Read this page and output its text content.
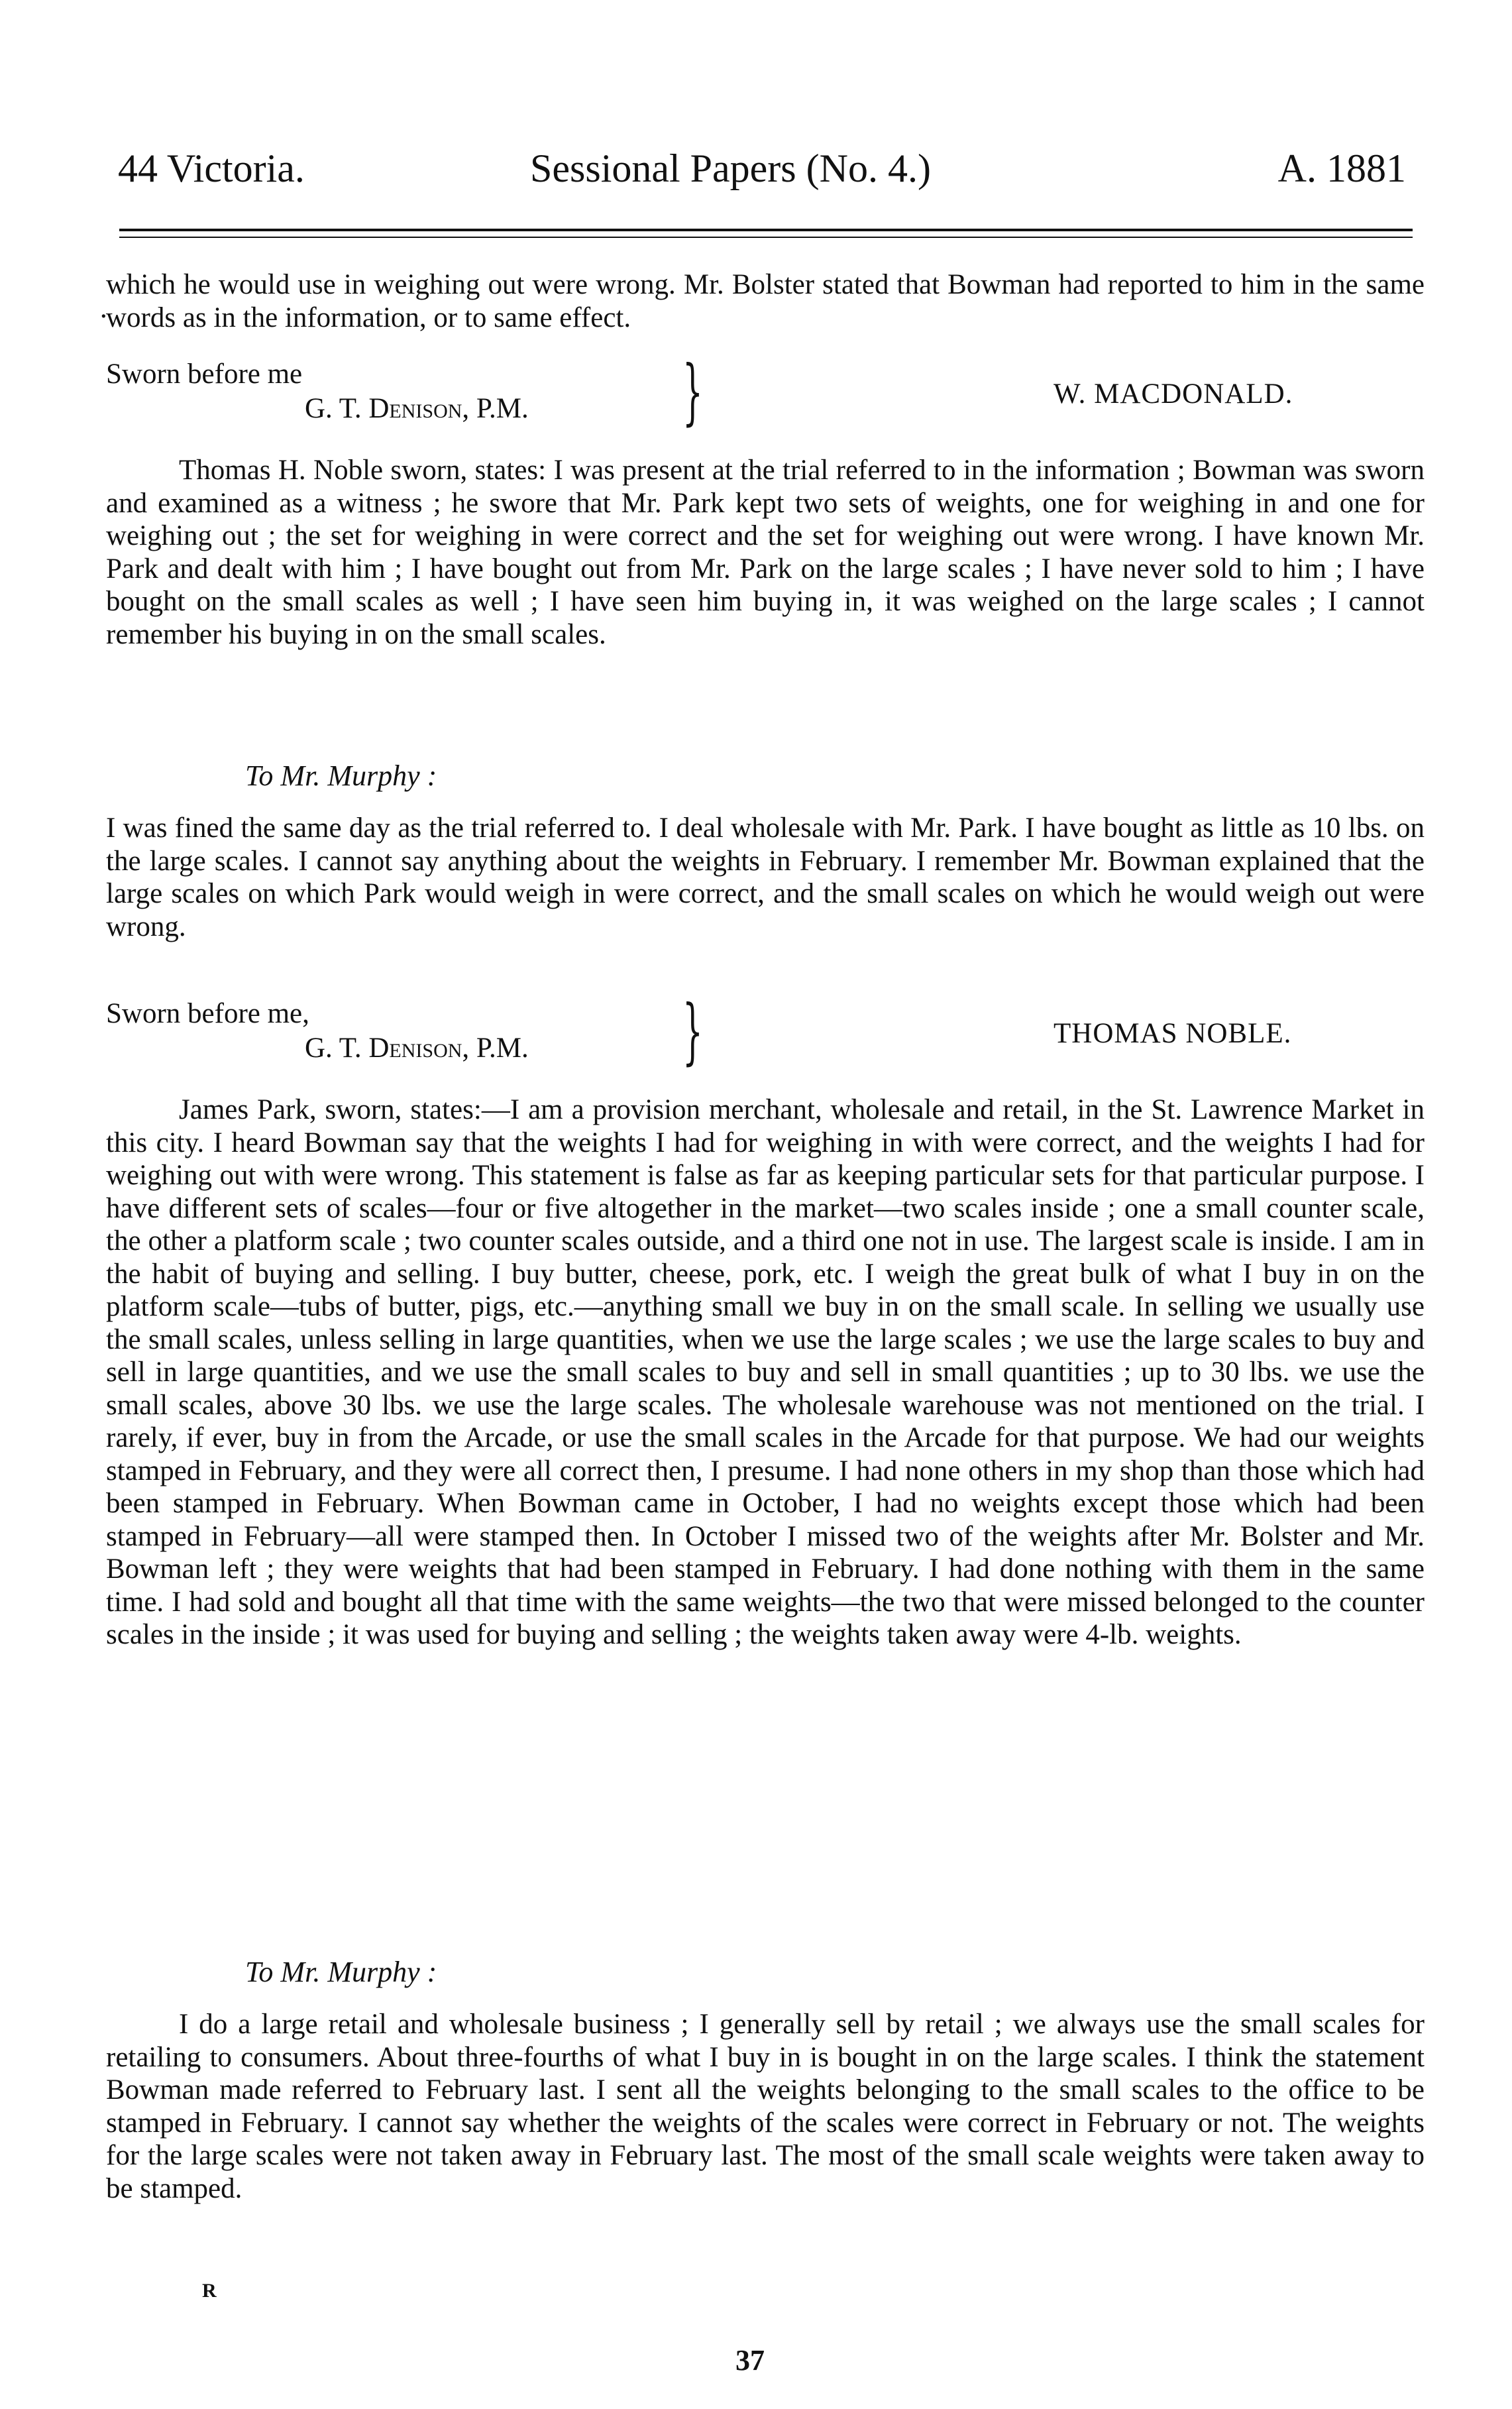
44 Victoria.	Sessional Papers (No. 4.)	A. 1881
·

which he would use in weighing out were wrong. Mr. Bolster stated that Bowman had reported to him in the same words as in the information, or to same effect.

Sworn before me
G. T. Denison, P.M. }	W. MACDONALD.

Thomas H. Noble sworn, states: I was present at the trial referred to in the information ; Bowman was sworn and examined as a witness ; he swore that Mr. Park kept two sets of weights, one for weighing in and one for weighing out ; the set for weighing in were correct and the set for weighing out were wrong. I have known Mr. Park and dealt with him ; I have bought out from Mr. Park on the large scales ; I have never sold to him ; I have bought on the small scales as well ; I have seen him buying in, it was weighed on the large scales ; I cannot remember his buying in on the small scales.

To Mr. Murphy :

I was fined the same day as the trial referred to. I deal wholesale with Mr. Park. I have bought as little as 10 lbs. on the large scales. I cannot say anything about the weights in February. I remember Mr. Bowman explained that the large scales on which Park would weigh in were correct, and the small scales on which he would weigh out were wrong.

Sworn before me,
G. T. Denison, P.M. }	THOMAS NOBLE.

James Park, sworn, states:—I am a provision merchant, wholesale and retail, in the St. Lawrence Market in this city. I heard Bowman say that the weights I had for weighing in with were correct, and the weights I had for weighing out with were wrong. This statement is false as far as keeping particular sets for that particular purpose. I have different sets of scales—four or five altogether in the market—two scales inside ; one a small counter scale, the other a platform scale ; two counter scales outside, and a third one not in use. The largest scale is inside. I am in the habit of buying and selling. I buy butter, cheese, pork, etc. I weigh the great bulk of what I buy in on the platform scale—tubs of butter, pigs, etc.—anything small we buy in on the small scale. In selling we usually use the small scales, unless selling in large quantities, when we use the large scales ; we use the large scales to buy and sell in large quantities, and we use the small scales to buy and sell in small quantities ; up to 30 lbs. we use the small scales, above 30 lbs. we use the large scales. The wholesale warehouse was not mentioned on the trial. I rarely, if ever, buy in from the Arcade, or use the small scales in the Arcade for that purpose. We had our weights stamped in February, and they were all correct then, I presume. I had none others in my shop than those which had been stamped in February. When Bowman came in October, I had no weights except those which had been stamped in February—all were stamped then. In October I missed two of the weights after Mr. Bolster and Mr. Bowman left ; they were weights that had been stamped in February. I had done nothing with them in the same time. I had sold and bought all that time with the same weights—the two that were missed belonged to the counter scales in the inside ; it was used for buying and selling ; the weights taken away were 4-lb. weights.

To Mr. Murphy :

I do a large retail and wholesale business ; I generally sell by retail ; we always use the small scales for retailing to consumers. About three-fourths of what I buy in is bought in on the large scales. I think the statement Bowman made referred to February last. I sent all the weights belonging to the small scales to the office to be stamped in February. I cannot say whether the weights of the scales were correct in February or not. The weights for the large scales were not taken away in February last. The most of the small scale weights were taken away to be stamped.

R
37
